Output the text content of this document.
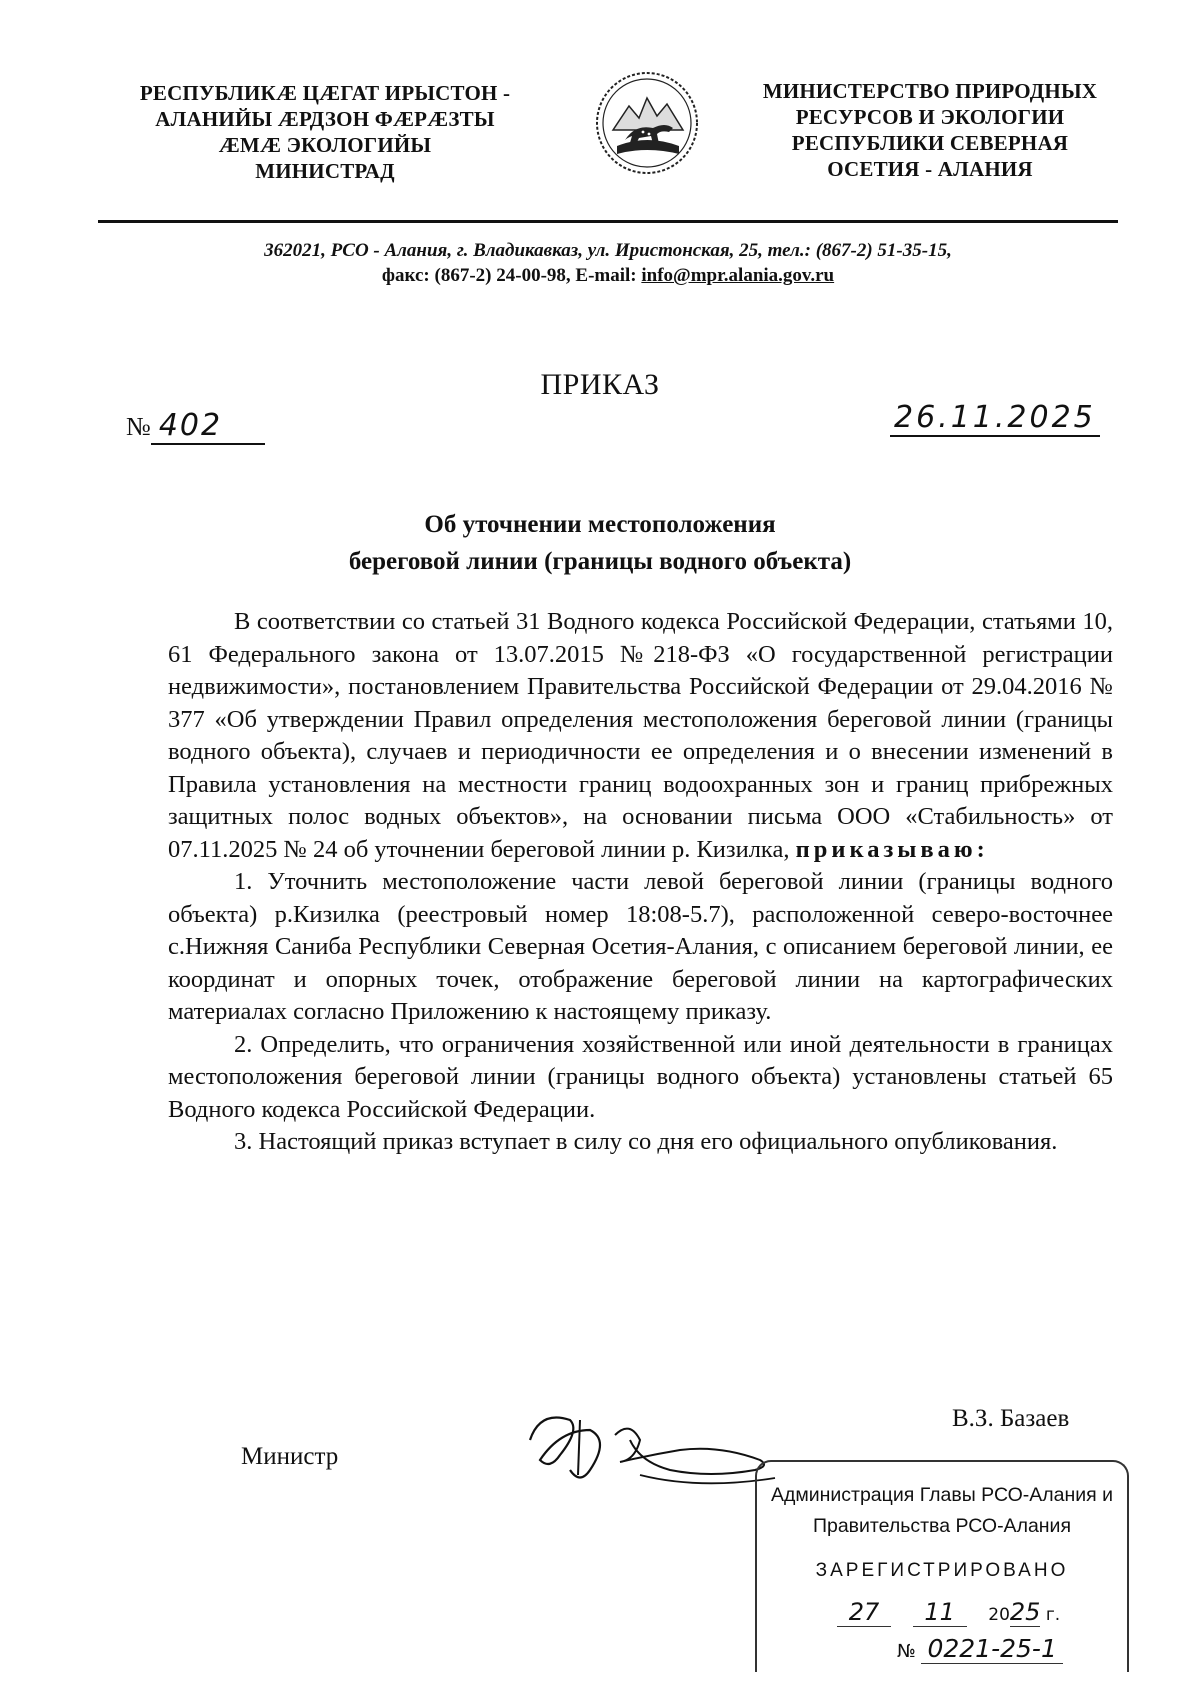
РЕСПУБЛИКӔ ЦӔГАТ ИРЫСТОН -
АЛАНИЙЫ ӔРДЗОН ФӔРӔЗТЫ
ӔМӔ ЭКОЛОГИЙЫ
МИНИСТРАД
МИНИСТЕРСТВО ПРИРОДНЫХ
РЕСУРСОВ И ЭКОЛОГИИ
РЕСПУБЛИКИ СЕВЕРНАЯ
ОСЕТИЯ - АЛАНИЯ
362021, РСО - Алания, г. Владикавказ, ул. Иристонская, 25, тел.: (867-2) 51-35-15,
факс: (867-2) 24-00-98, E-mail: info@mpr.alania.gov.ru
ПРИКАЗ
№ 402	26.11.2025
Об уточнении местоположения
береговой линии (границы водного объекта)

В соответствии со статьей 31 Водного кодекса Российской Федерации, статьями 10, 61 Федерального закона от 13.07.2015 №218-ФЗ «О государственной регистрации недвижимости», постановлением Правительства Российской Федерации от 29.04.2016 № 377 «Об утверждении Правил определения местоположения береговой линии (границы водного объекта), случаев и периодичности ее определения и о внесении изменений в Правила установления на местности границ водоохранных зон и границ прибрежных защитных полос водных объектов», на основании письма ООО «Стабильность» от 07.11.2025 № 24 об уточнении береговой линии р. Кизилка, приказываю:

1. Уточнить местоположение части левой береговой линии (границы водного объекта) р.Кизилка (реестровый номер 18:08-5.7), расположенной северо-восточнее с.Нижняя Саниба Республики Северная Осетия-Алания, с описанием береговой линии, ее координат и опорных точек, отображение береговой линии на картографических материалах согласно Приложению к настоящему приказу.

2. Определить, что ограничения хозяйственной или иной деятельности в границах местоположения береговой линии (границы водного объекта) установлены статьей 65 Водного кодекса Российской Федерации.

3. Настоящий приказ вступает в силу со дня его официального опубликования.

Министр
В.З. Базаев
Администрация Главы РСО-Алания и
Правительства РСО-Алания
ЗАРЕГИСТРИРОВАНО
27 11 2025 г.
№ 0221-25-1
